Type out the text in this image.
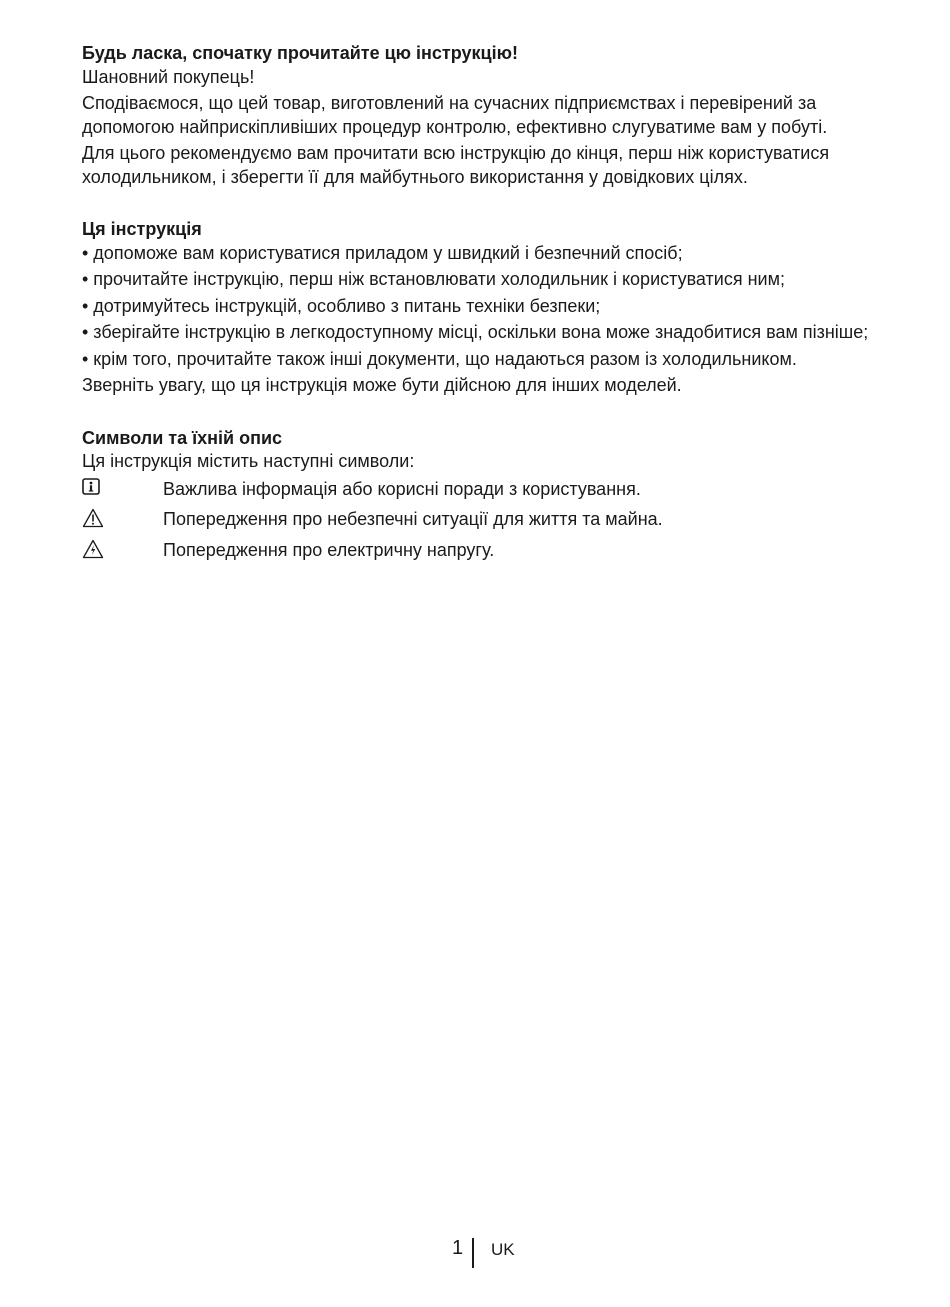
Будь ласка, спочатку прочитайте цю інструкцію!

Шановний покупець!

Сподіваємося, що цей товар, виготовлений на сучасних підприємствах і перевірений за допомогою найприскіпливіших процедур контролю, ефективно слугуватиме вам у побуті.

Для цього рекомендуємо вам прочитати всю інструкцію до кінця, перш ніж користуватися холодильником, і зберегти її для майбутнього використання у довідкових цілях.

Ця інструкція

• допоможе вам користуватися приладом у швидкий і безпечний спосіб;

• прочитайте інструкцію, перш ніж встановлювати холодильник і користуватися ним;

• дотримуйтесь інструкцій, особливо з питань техніки безпеки;

• зберігайте інструкцію в легкодоступному місці, оскільки вона може знадобитися вам пізніше;

• крім того, прочитайте також інші документи, що надаються разом із холодильником.

Зверніть увагу, що ця інструкція може бути дійсною для інших моделей.

Символи та їхній опис

Ця інструкція містить наступні символи:

Важлива інформація або корисні поради з користування.
Попередження про небезпечні ситуації для життя та майна.
Попередження про електричну напругу.
1 UK
